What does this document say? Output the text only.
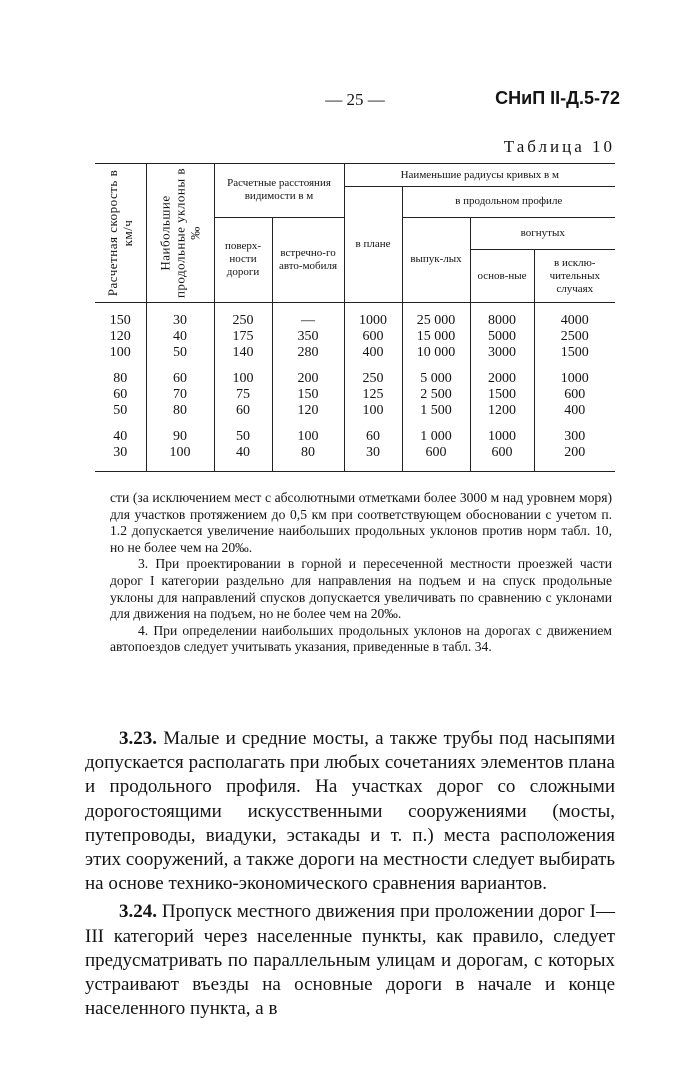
— 25 —	СНиП II-Д.5-72
Таблица 10
Расчетная скорость в км/ч	Наибольшие продольные уклоны в ‰	Расчетные расстояния видимости в м		Наименьшие радиусы кривых в м			
				в плане	в продольном профиле		
		поверх-ности дороги	встречно-го авто-мобиля		выпук-лых	вогнутых	
						основ-ные	в исклю-чительных случаях
150	30	250	—	1000	25 000	8000	4000
120	40	175	350	600	15 000	5000	2500
100	50	140	280	400	10 000	3000	1500
80	60	100	200	250	5 000	2000	1000
60	70	75	150	125	2 500	1500	600
50	80	60	120	100	1 500	1200	400
40	90	50	100	60	1 000	1000	300
30	100	40	80	30	600	600	200

сти (за исключением мест с абсолютными отметками более 3000 м над уровнем моря) для участков протяжением до 0,5 км при соответствующем обосновании с учетом п. 1.2 допускается увеличение наибольших продольных уклонов против норм табл. 10, но не более чем на 20‰.

3. При проектировании в горной и пересеченной местности проезжей части дорог I категории раздельно для направления на подъем и на спуск продольные уклоны для направлений спусков допускается увеличивать по сравнению с уклонами для движения на подъем, но не более чем на 20‰.

4. При определении наибольших продольных уклонов на дорогах с движением автопоездов следует учитывать указания, приведенные в табл. 34.

3.23. Малые и средние мосты, а также трубы под насыпями допускается располагать при любых сочетаниях элементов плана и продольного профиля. На участках дорог со сложными дорогостоящими искусственными сооружениями (мосты, путепроводы, виадуки, эстакады и т. п.) места расположения этих сооружений, а также дороги на местности следует выбирать на основе технико-экономического сравнения вариантов.

3.24. Пропуск местного движения при проложении дорог I—III категорий через населенные пункты, как правило, следует предусматривать по параллельным улицам и дорогам, с которых устраивают въезды на основные дороги в начале и конце населенного пункта, а в
